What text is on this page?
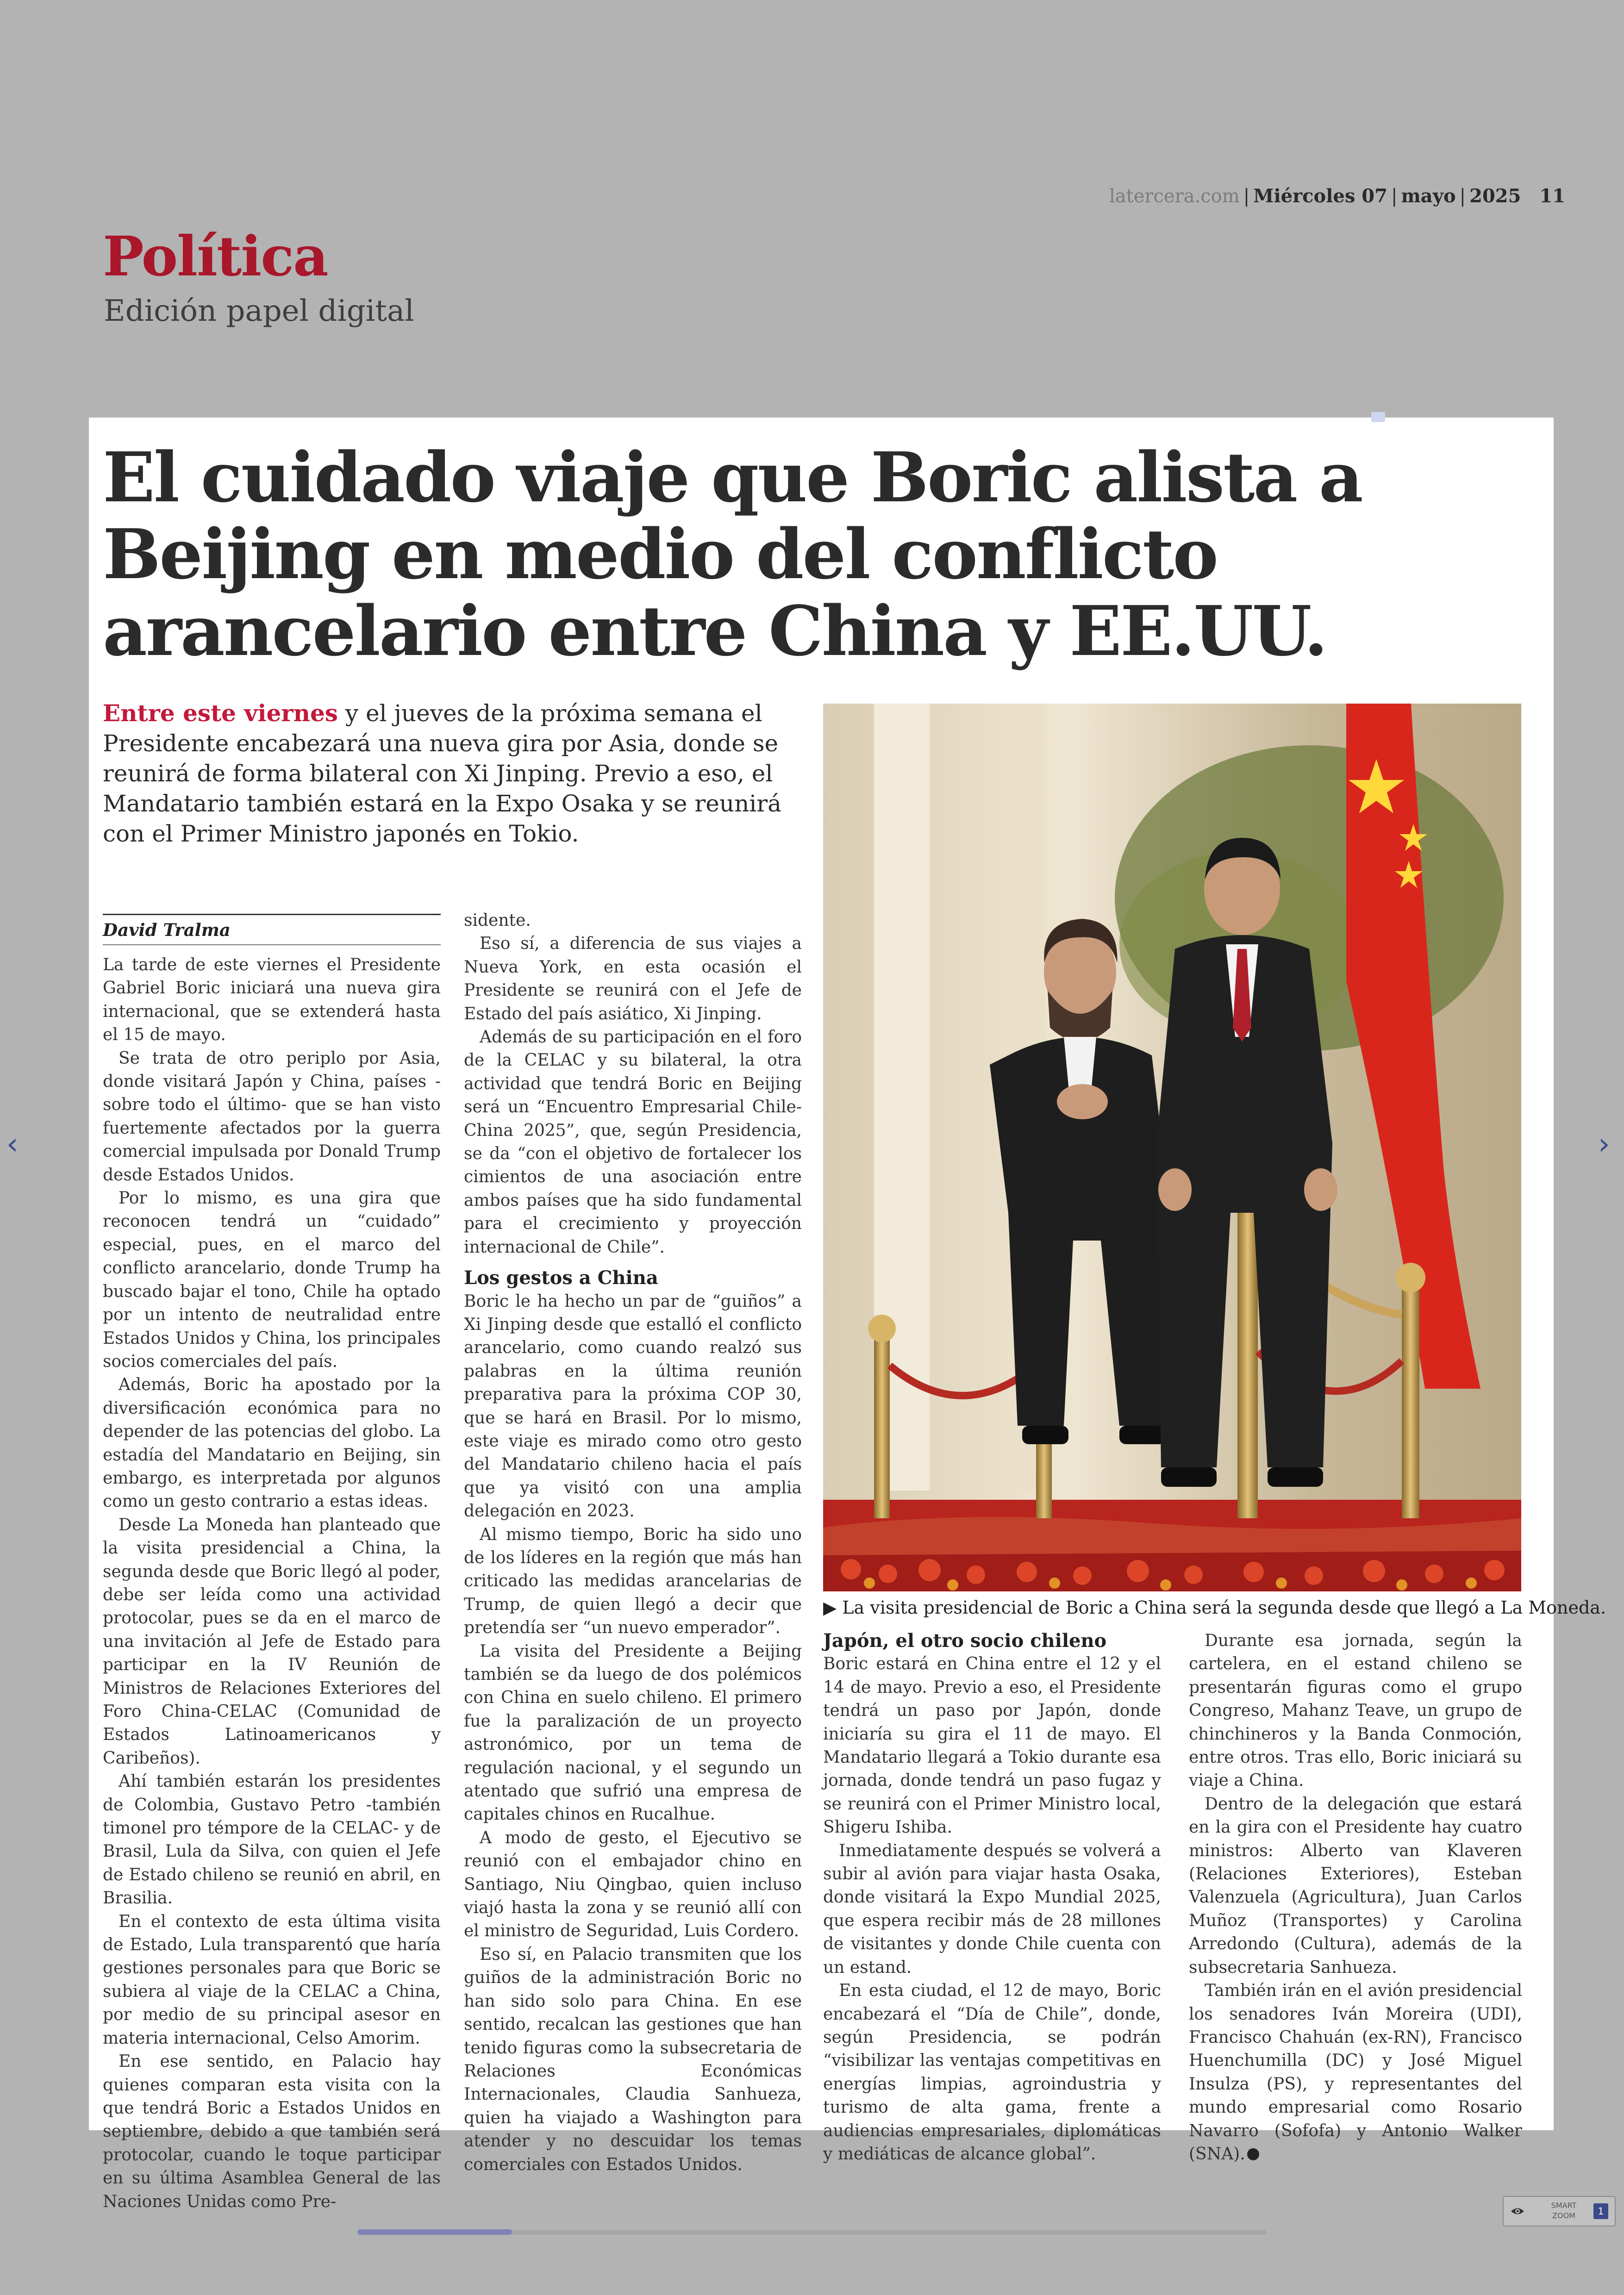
Política
Edición papel digital
latercera.com | Miércoles 07 | mayo | 2025 11
El cuidado viaje que Boric alista a Beijing en medio del conflicto arancelario entre China y EE.UU.
Entre este viernes y el jueves de la próxima semana el Presidente encabezará una nueva gira por Asia, donde se reunirá de forma bilateral con Xi Jinping. Previo a eso, el Mandatario también estará en la Expo Osaka y se reunirá con el Primer Ministro japonés en Tokio.
▶ La visita presidencial de Boric a China será la segunda desde que llegó a La Moneda.
David Tralma

La tarde de este viernes el Presidente Gabriel Boric iniciará una nueva gira internacional, que se extenderá hasta el 15 de mayo.

Se trata de otro periplo por Asia, donde visitará Japón y China, países -sobre todo el último- que se han visto fuertemente afectados por la guerra comercial impulsada por Donald Trump desde Estados Unidos.

Por lo mismo, es una gira que reconocen tendrá un “cuidado” especial, pues, en el marco del conflicto arancelario, donde Trump ha buscado bajar el tono, Chile ha optado por un intento de neutralidad entre Estados Unidos y China, los principales socios comerciales del país.

Además, Boric ha apostado por la diversificación económica para no depender de las potencias del globo. La estadía del Mandatario en Beijing, sin embargo, es interpretada por algunos como un gesto contrario a estas ideas.

Desde La Moneda han planteado que la visita presidencial a China, la segunda desde que Boric llegó al poder, debe ser leída como una actividad protocolar, pues se da en el marco de una invitación al Jefe de Estado para participar en la IV Reunión de Ministros de Relaciones Exteriores del Foro China-CELAC (Comunidad de Estados Latinoamericanos y Caribeños).

Ahí también estarán los presidentes de Colombia, Gustavo Petro -también timonel pro témpore de la CELAC- y de Brasil, Lula da Silva, con quien el Jefe de Estado chileno se reunió en abril, en Brasilia.

En el contexto de esta última visita de Estado, Lula transparentó que haría gestiones personales para que Boric se subiera al viaje de la CELAC a China, por medio de su principal asesor en materia internacional, Celso Amorim.

En ese sentido, en Palacio hay quienes comparan esta visita con la que tendrá Boric a Estados Unidos en septiembre, debido a que también será protocolar, cuando le toque participar en su última Asamblea General de las Naciones Unidas como Pre-

sidente.

Eso sí, a diferencia de sus viajes a Nueva York, en esta ocasión el Presidente se reunirá con el Jefe de Estado del país asiático, Xi Jinping.

Además de su participación en el foro de la CELAC y su bilateral, la otra actividad que tendrá Boric en Beijing será un “Encuentro Empresarial Chile-China 2025”, que, según Presidencia, se da “con el objetivo de fortalecer los cimientos de una asociación entre ambos países que ha sido fundamental para el crecimiento y proyección internacional de Chile”.

Los gestos a China

Boric le ha hecho un par de “guiños” a Xi Jinping desde que estalló el conflicto arancelario, como cuando realzó sus palabras en la última reunión preparativa para la próxima COP 30, que se hará en Brasil. Por lo mismo, este viaje es mirado como otro gesto del Mandatario chileno hacia el país que ya visitó con una amplia delegación en 2023.

Al mismo tiempo, Boric ha sido uno de los líderes en la región que más han criticado las medidas arancelarias de Trump, de quien llegó a decir que pretendía ser “un nuevo emperador”.

La visita del Presidente a Beijing también se da luego de dos polémicos con China en suelo chileno. El primero fue la paralización de un proyecto astronómico, por un tema de regulación nacional, y el segundo un atentado que sufrió una empresa de capitales chinos en Rucalhue.

A modo de gesto, el Ejecutivo se reunió con el embajador chino en Santiago, Niu Qingbao, quien incluso viajó hasta la zona y se reunió allí con el ministro de Seguridad, Luis Cordero.

Eso sí, en Palacio transmiten que los guiños de la administración Boric no han sido solo para China. En ese sentido, recalcan las gestiones que han tenido figuras como la subsecretaria de Relaciones Económicas Internacionales, Claudia Sanhueza, quien ha viajado a Washington para atender y no descuidar los temas comerciales con Estados Unidos.

Japón, el otro socio chileno

Boric estará en China entre el 12 y el 14 de mayo. Previo a eso, el Presidente tendrá un paso por Japón, donde iniciaría su gira el 11 de mayo. El Mandatario llegará a Tokio durante esa jornada, donde tendrá un paso fugaz y se reunirá con el Primer Ministro local, Shigeru Ishiba.

Inmediatamente después se volverá a subir al avión para viajar hasta Osaka, donde visitará la Expo Mundial 2025, que espera recibir más de 28 millones de visitantes y donde Chile cuenta con un estand.

En esta ciudad, el 12 de mayo, Boric encabezará el “Día de Chile”, donde, según Presidencia, se podrán “visibilizar las ventajas competitivas en energías limpias, agroindustria y turismo de alta gama, frente a audiencias empresariales, diplomáticas y mediáticas de alcance global”.

Durante esa jornada, según la cartelera, en el estand chileno se presentarán figuras como el grupo Congreso, Mahanz Teave, un grupo de chinchineros y la Banda Conmoción, entre otros. Tras ello, Boric iniciará su viaje a China.

Dentro de la delegación que estará en la gira con el Presidente hay cuatro ministros: Alberto van Klaveren (Relaciones Exteriores), Esteban Valenzuela (Agricultura), Juan Carlos Muñoz (Transportes) y Carolina Arredondo (Cultura), además de la subsecretaria Sanhueza.

También irán en el avión presidencial los senadores Iván Moreira (UDI), Francisco Chahuán (ex-RN), Francisco Huenchumilla (DC) y José Miguel Insulza (PS), y representantes del mundo empresarial como Rosario Navarro (Sofofa) y Antonio Walker (SNA).

‹	›
SMART
ZOOM	1
